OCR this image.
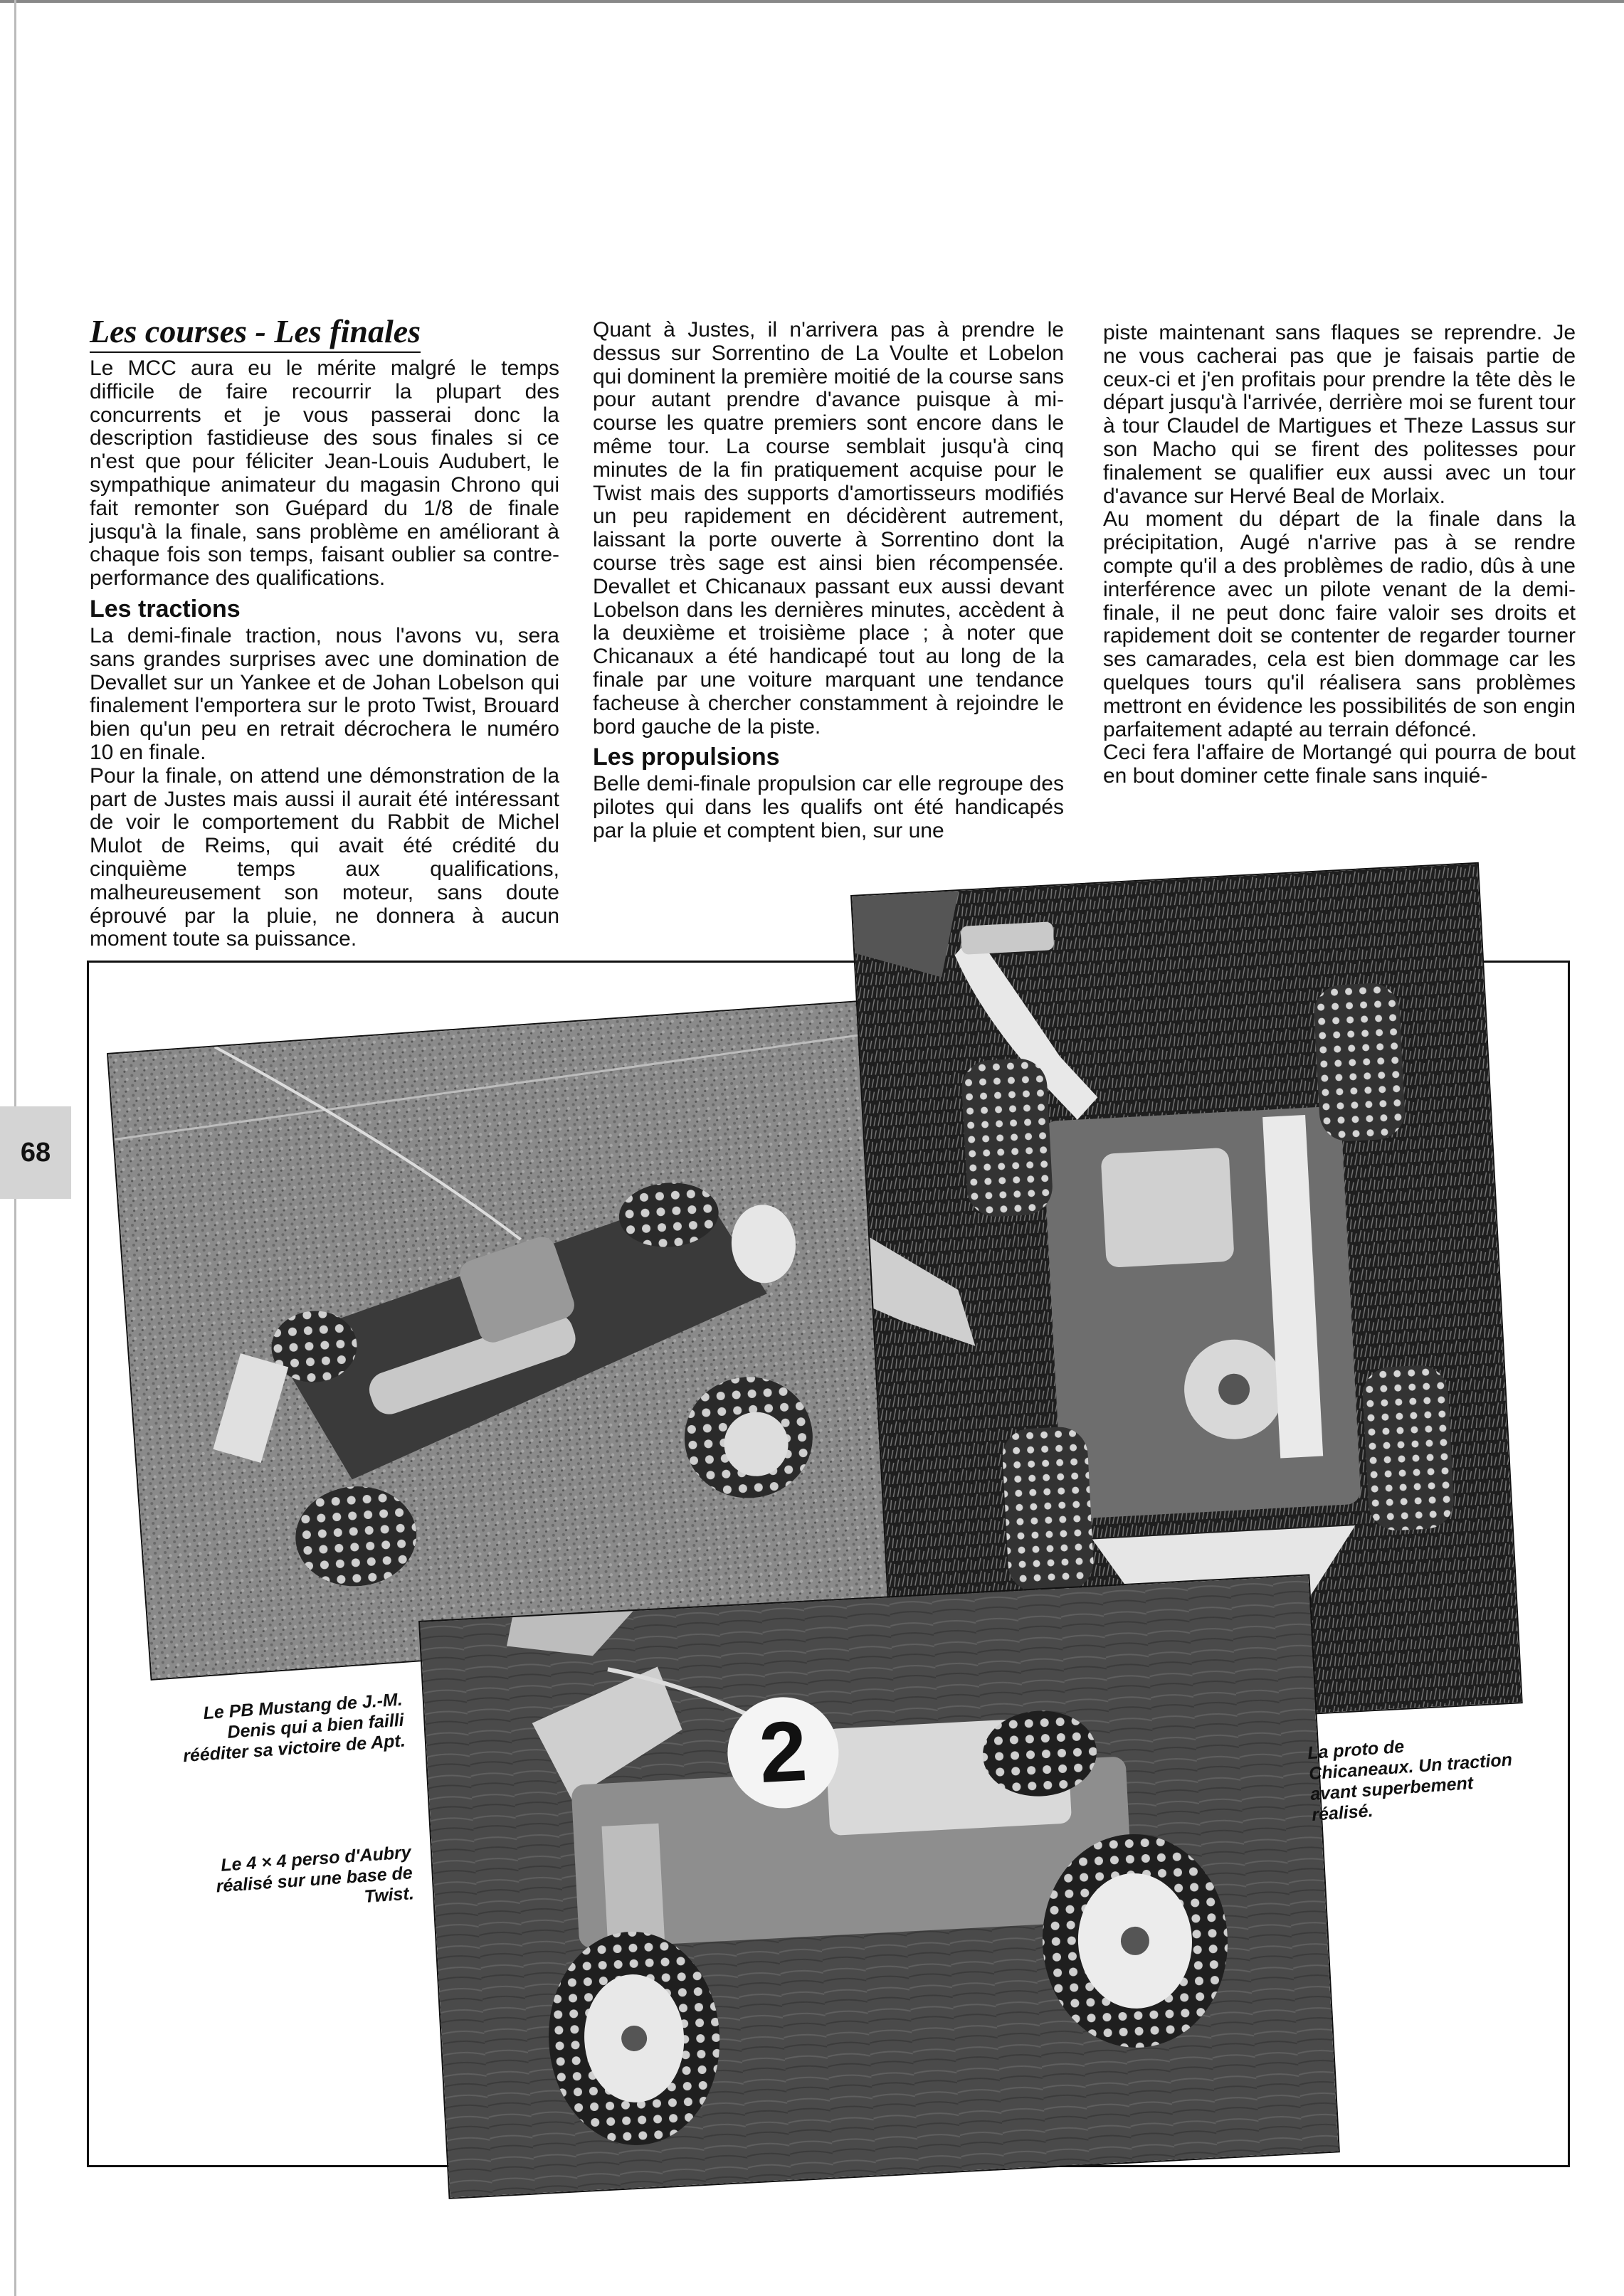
Les courses - Les finales

Le MCC aura eu le mérite malgré le temps difficile de faire recourrir la plupart des concurrents et je vous passerai donc la description fastidieuse des sous finales si ce n'est que pour féliciter Jean-Louis Audubert, le sympathique animateur du magasin Chrono qui fait remonter son Guépard du 1/8 de finale jusqu'à la finale, sans problème en améliorant à chaque fois son temps, faisant oublier sa contre-performance des qualifications.

Les tractions

La demi-finale traction, nous l'avons vu, sera sans grandes surprises avec une domination de Devallet sur un Yankee et de Johan Lobelson qui finalement l'emportera sur le proto Twist, Brouard bien qu'un peu en retrait décrochera le numéro 10 en finale.

Pour la finale, on attend une démonstration de la part de Justes mais aussi il aurait été intéressant de voir le comportement du Rabbit de Michel Mulot de Reims, qui avait été crédité du cinquième temps aux qualifications, malheureusement son moteur, sans doute éprouvé par la pluie, ne donnera à aucun moment toute sa puissance.

Quant à Justes, il n'arrivera pas à prendre le dessus sur Sorrentino de La Voulte et Lobelon qui dominent la première moitié de la course sans pour autant prendre d'avance puisque à mi-course les quatre premiers sont encore dans le même tour. La course semblait jusqu'à cinq minutes de la fin pratiquement acquise pour le Twist mais des supports d'amortisseurs modifiés un peu rapidement en décidèrent autrement, laissant la porte ouverte à Sorrentino dont la course très sage est ainsi bien récompensée. Devallet et Chicanaux passant eux aussi devant Lobelson dans les dernières minutes, accèdent à la deuxième et troisième place ; à noter que Chicanaux a été handicapé tout au long de la finale par une voiture marquant une tendance facheuse à chercher constamment à rejoindre le bord gauche de la piste.

Les propulsions

Belle demi-finale propulsion car elle regroupe des pilotes qui dans les qualifs ont été handicapés par la pluie et comptent bien, sur une

piste maintenant sans flaques se reprendre. Je ne vous cacherai pas que je faisais partie de ceux-ci et j'en profitais pour prendre la tête dès le départ jusqu'à l'arrivée, derrière moi se furent tour à tour Claudel de Martigues et Theze Lassus sur son Macho qui se firent des politesses pour finalement se qualifier eux aussi avec un tour d'avance sur Hervé Beal de Morlaix.

Au moment du départ de la finale dans la précipitation, Augé n'arrive pas à se rendre compte qu'il a des problèmes de radio, dûs à une interférence avec un pilote venant de la demi-finale, il ne peut donc faire valoir ses droits et rapidement doit se contenter de regarder tourner ses camarades, cela est bien dommage car les quelques tours qu'il réalisera sans problèmes mettront en évidence les possibilités de son engin parfaitement adapté au terrain défoncé.

Ceci fera l'affaire de Mortangé qui pourra de bout en bout dominer cette finale sans inquié-

68
2
Le PB Mustang de J.-M. Denis qui a bien failli rééditer sa victoire de Apt.
Le 4 × 4 perso d'Aubry réalisé sur une base de Twist.
La proto de Chicaneaux. Un traction avant superbement réalisé.
